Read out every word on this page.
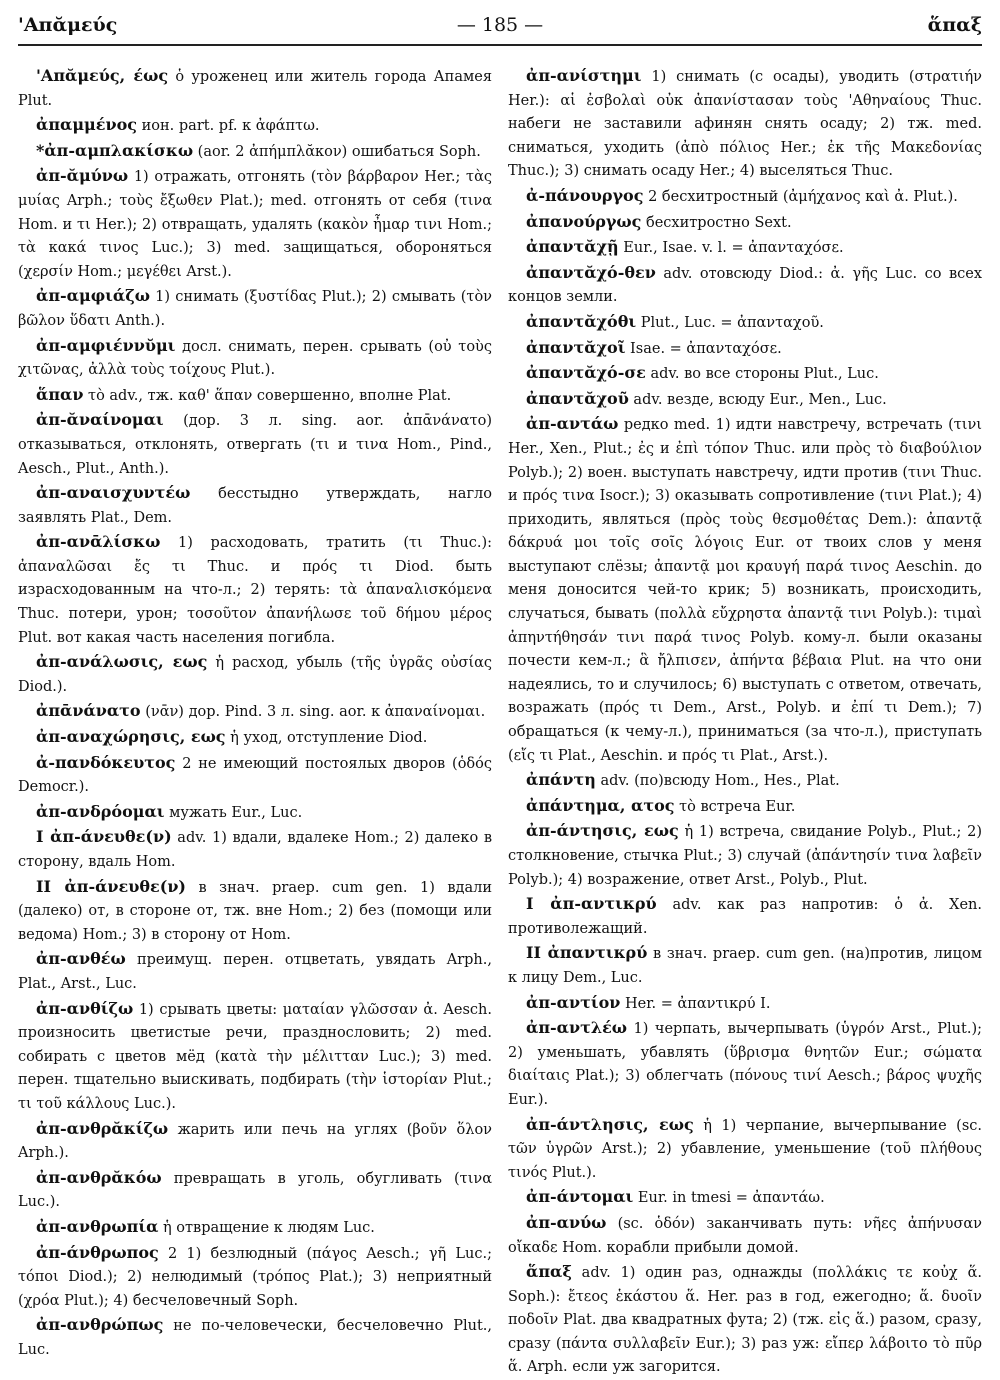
'Απᾰμεύς	— 185 —	ἅπαξ

'Απᾰμεύς, έως ὁ уроженец или житель города Апамея Plut.

ἀπαμμένος ион. part. pf. к ἀφάπτω.

*ἀπ-αμπλακίσκω (aor. 2 ἀπήμπλᾰκον) ошибаться Soph.

ἀπ-ᾰμύνω 1) отражать, отгонять (τὸν βάρβαρον Her.; τὰς μυίας Arph.; τοὺς ἔξωθεν Plat.); med. отгонять от себя (τινα Hom. и τι Her.); 2) отвращать, удалять (κακὸν ἦμαρ τινι Hom.; τὰ κακά τινος Luc.); 3) med. защищаться, обороняться (χερσίν Hom.; μεγέθει Arst.).

ἀπ-αμφιάζω 1) снимать (ξυστίδας Plut.); 2) смывать (τὸν βῶλον ὕδατι Anth.).

ἀπ-αμφιέννῠμι досл. снимать, перен. срывать (οὐ τοὺς χιτῶνας, ἀλλὰ τοὺς τοίχους Plut.).

ἅπαν τὸ adv., тж. καθ' ἅπαν совершенно, вполне Plat.

ἀπ-ᾰναίνομαι (дор. 3 л. sing. aor. ἀπᾱνάνατο) отказываться, отклонять, отвергать (τι и τινα Hom., Pind., Aesch., Plut., Anth.).

ἀπ-αναισχυντέω бесстыдно утверждать, нагло заявлять Plat., Dem.

ἀπ-ανᾱλίσκω 1) расходовать, тратить (τι Thuc.): ἀπαναλῶσαι ἔς τι Thuc. и πρός τι Diod. быть израсходованным на что-л.; 2) терять: τὰ ἀπαναλισκόμενα Thuc. потери, урон; τοσοῦτον ἀπανήλωσε τοῦ δήμου μέρος Plut. вот какая часть населения погибла.

ἀπ-ανάλωσις, εως ἡ расход, убыль (τῆς ὑγρᾶς οὐσίας Diod.).

ἀπᾱνάνατο (νᾱν) дор. Pind. 3 л. sing. aor. к ἀπαναίνομαι.

ἀπ-αναχώρησις, εως ἡ уход, отступление Diod.

ἀ-πανδόκευτος 2 не имеющий постоялых дворов (ὁδός Democr.).

ἀπ-ανδρόομαι мужать Eur., Luc.

I ἀπ-άνευθε(ν) adv. 1) вдали, вдалеке Hom.; 2) далеко в сторону, вдаль Hom.

II ἀπ-άνευθε(ν) в знач. praep. cum gen. 1) вдали (далеко) от, в стороне от, тж. вне Hom.; 2) без (помощи или ведома) Hom.; 3) в сторону от Hom.

ἀπ-ανθέω преимущ. перен. отцветать, увядать Arph., Plat., Arst., Luc.

ἀπ-ανθίζω 1) срывать цветы: ματαίαν γλῶσσαν ἀ. Aesch. произносить цветистые речи, празднословить; 2) med. собирать с цветов мёд (κατὰ τὴν μέλιτταν Luc.); 3) med. перен. тщательно выискивать, подбирать (τὴν ἱστορίαν Plut.; τι τοῦ κάλλους Luc.).

ἀπ-ανθρᾰκίζω жарить или печь на углях (βοῦν ὅλον Arph.).

ἀπ-ανθρᾰκόω превращать в уголь, обугливать (τινα Luc.).

ἀπ-ανθρωπία ἡ отвращение к людям Luc.

ἀπ-άνθρωπος 2 1) безлюдный (πάγος Aesch.; γῆ Luc.; τόποι Diod.); 2) нелюдимый (τρόπος Plat.); 3) неприятный (χρόα Plut.); 4) бесчеловечный Soph.

ἀπ-ανθρώπως не по-человечески, бесчеловечно Plut., Luc.

ἀπ-ανίστημι 1) снимать (с осады), уводить (στρατιήν Her.): αἱ ἐσβολαὶ οὐκ ἀπανίστασαν τοὺς 'Αθηναίους Thuc. набеги не заставили афинян снять осаду; 2) тж. med. сниматься, уходить (ἀπὸ πόλιος Her.; ἐκ τῆς Μακεδονίας Thuc.); 3) снимать осаду Her.; 4) выселяться Thuc.

ἀ-πάνουργος 2 бесхитростный (ἀμήχανος καὶ ἀ. Plut.).

ἀπανούργως бесхитростно Sext.

ἀπαντᾰχῇ Eur., Isae. v. l. = ἀπανταχόσε.

ἀπαντᾰχό-θεν adv. отовсюду Diod.: ἀ. γῆς Luc. со всех концов земли.

ἀπαντᾰχόθι Plut., Luc. = ἀπανταχοῦ.

ἀπαντᾰχοῖ Isae. = ἀπανταχόσε.

ἀπαντᾰχό-σε adv. во все стороны Plut., Luc.

ἀπαντᾰχοῦ adv. везде, всюду Eur., Men., Luc.

ἀπ-αντάω редко med. 1) идти навстречу, встречать (τινι Her., Xen., Plut.; ἐς и ἐπὶ τόπον Thuc. или πρὸς τὸ διαβούλιον Polyb.); 2) воен. выступать навстречу, идти против (τινι Thuc. и πρός τινα Isocr.); 3) оказывать сопротивление (τινι Plat.); 4) приходить, являться (πρὸς τοὺς θεσμοθέτας Dem.): ἀπαντᾷ δάκρυά μοι τοῖς σοῖς λόγοις Eur. от твоих слов у меня выступают слёзы; ἀπαντᾷ μοι κραυγή παρά τινος Aeschin. до меня доносится чей-то крик; 5) возникать, происходить, случаться, бывать (πολλὰ εὔχρηστα ἀπαντᾷ τινι Polyb.): τιμαὶ ἀπηντήθησάν τινι παρά τινος Polyb. кому-л. были оказаны почести кем-л.; ἃ ἤλπισεν, ἀπήντα βέβαια Plut. на что они надеялись, то и случилось; 6) выступать с ответом, отвечать, возражать (πρός τι Dem., Arst., Polyb. и ἐπί τι Dem.); 7) обращаться (к чему-л.), приниматься (за что-л.), приступать (εἴς τι Plat., Aeschin. и πρός τι Plat., Arst.).

ἀπάντη adv. (по)всюду Hom., Hes., Plat.

ἀπάντημα, ατος τὸ встреча Eur.

ἀπ-άντησις, εως ἡ 1) встреча, свидание Polyb., Plut.; 2) столкновение, стычка Plut.; 3) случай (ἀπάντησίν τινα λαβεῖν Polyb.); 4) возражение, ответ Arst., Polyb., Plut.

I ἀπ-αντικρύ adv. как раз напротив: ὁ ἀ. Xen. противолежащий.

II ἀπαντικρύ в знач. praep. cum gen. (на)против, лицом к лицу Dem., Luc.

ἀπ-αντίον Her. = ἀπαντικρύ I.

ἀπ-αντλέω 1) черпать, вычерпывать (ὑγρόν Arst., Plut.); 2) уменьшать, убавлять (ὕβρισμα θνητῶν Eur.; σώματα διαίταις Plat.); 3) облегчать (πόνους τινί Aesch.; βάρος ψυχῆς Eur.).

ἀπ-άντλησις, εως ἡ 1) черпание, вычерпывание (sc. τῶν ὑγρῶν Arst.); 2) убавление, уменьшение (τοῦ πλήθους τινός Plut.).

ἀπ-άντομαι Eur. in tmesi = ἀπαντάω.

ἀπ-ανύω (sc. ὁδόν) заканчивать путь: νῆες ἀπήνυσαν οἴκαδε Hom. корабли прибыли домой.

ἅπαξ adv. 1) один раз, однажды (πολλάκις τε κοὐχ ἅ. Soph.): ἔτεος ἑκάστου ἅ. Her. раз в год, ежегодно; ἅ. δυοῖν ποδοῖν Plat. два квадратных фута; 2) (тж. εἰς ἅ.) разом, сразу, сразу (πάντα συλλαβεῖν Eur.); 3) раз уж: εἴπερ λάβοιτο τὸ πῦρ ἅ. Arph. если уж загорится.
